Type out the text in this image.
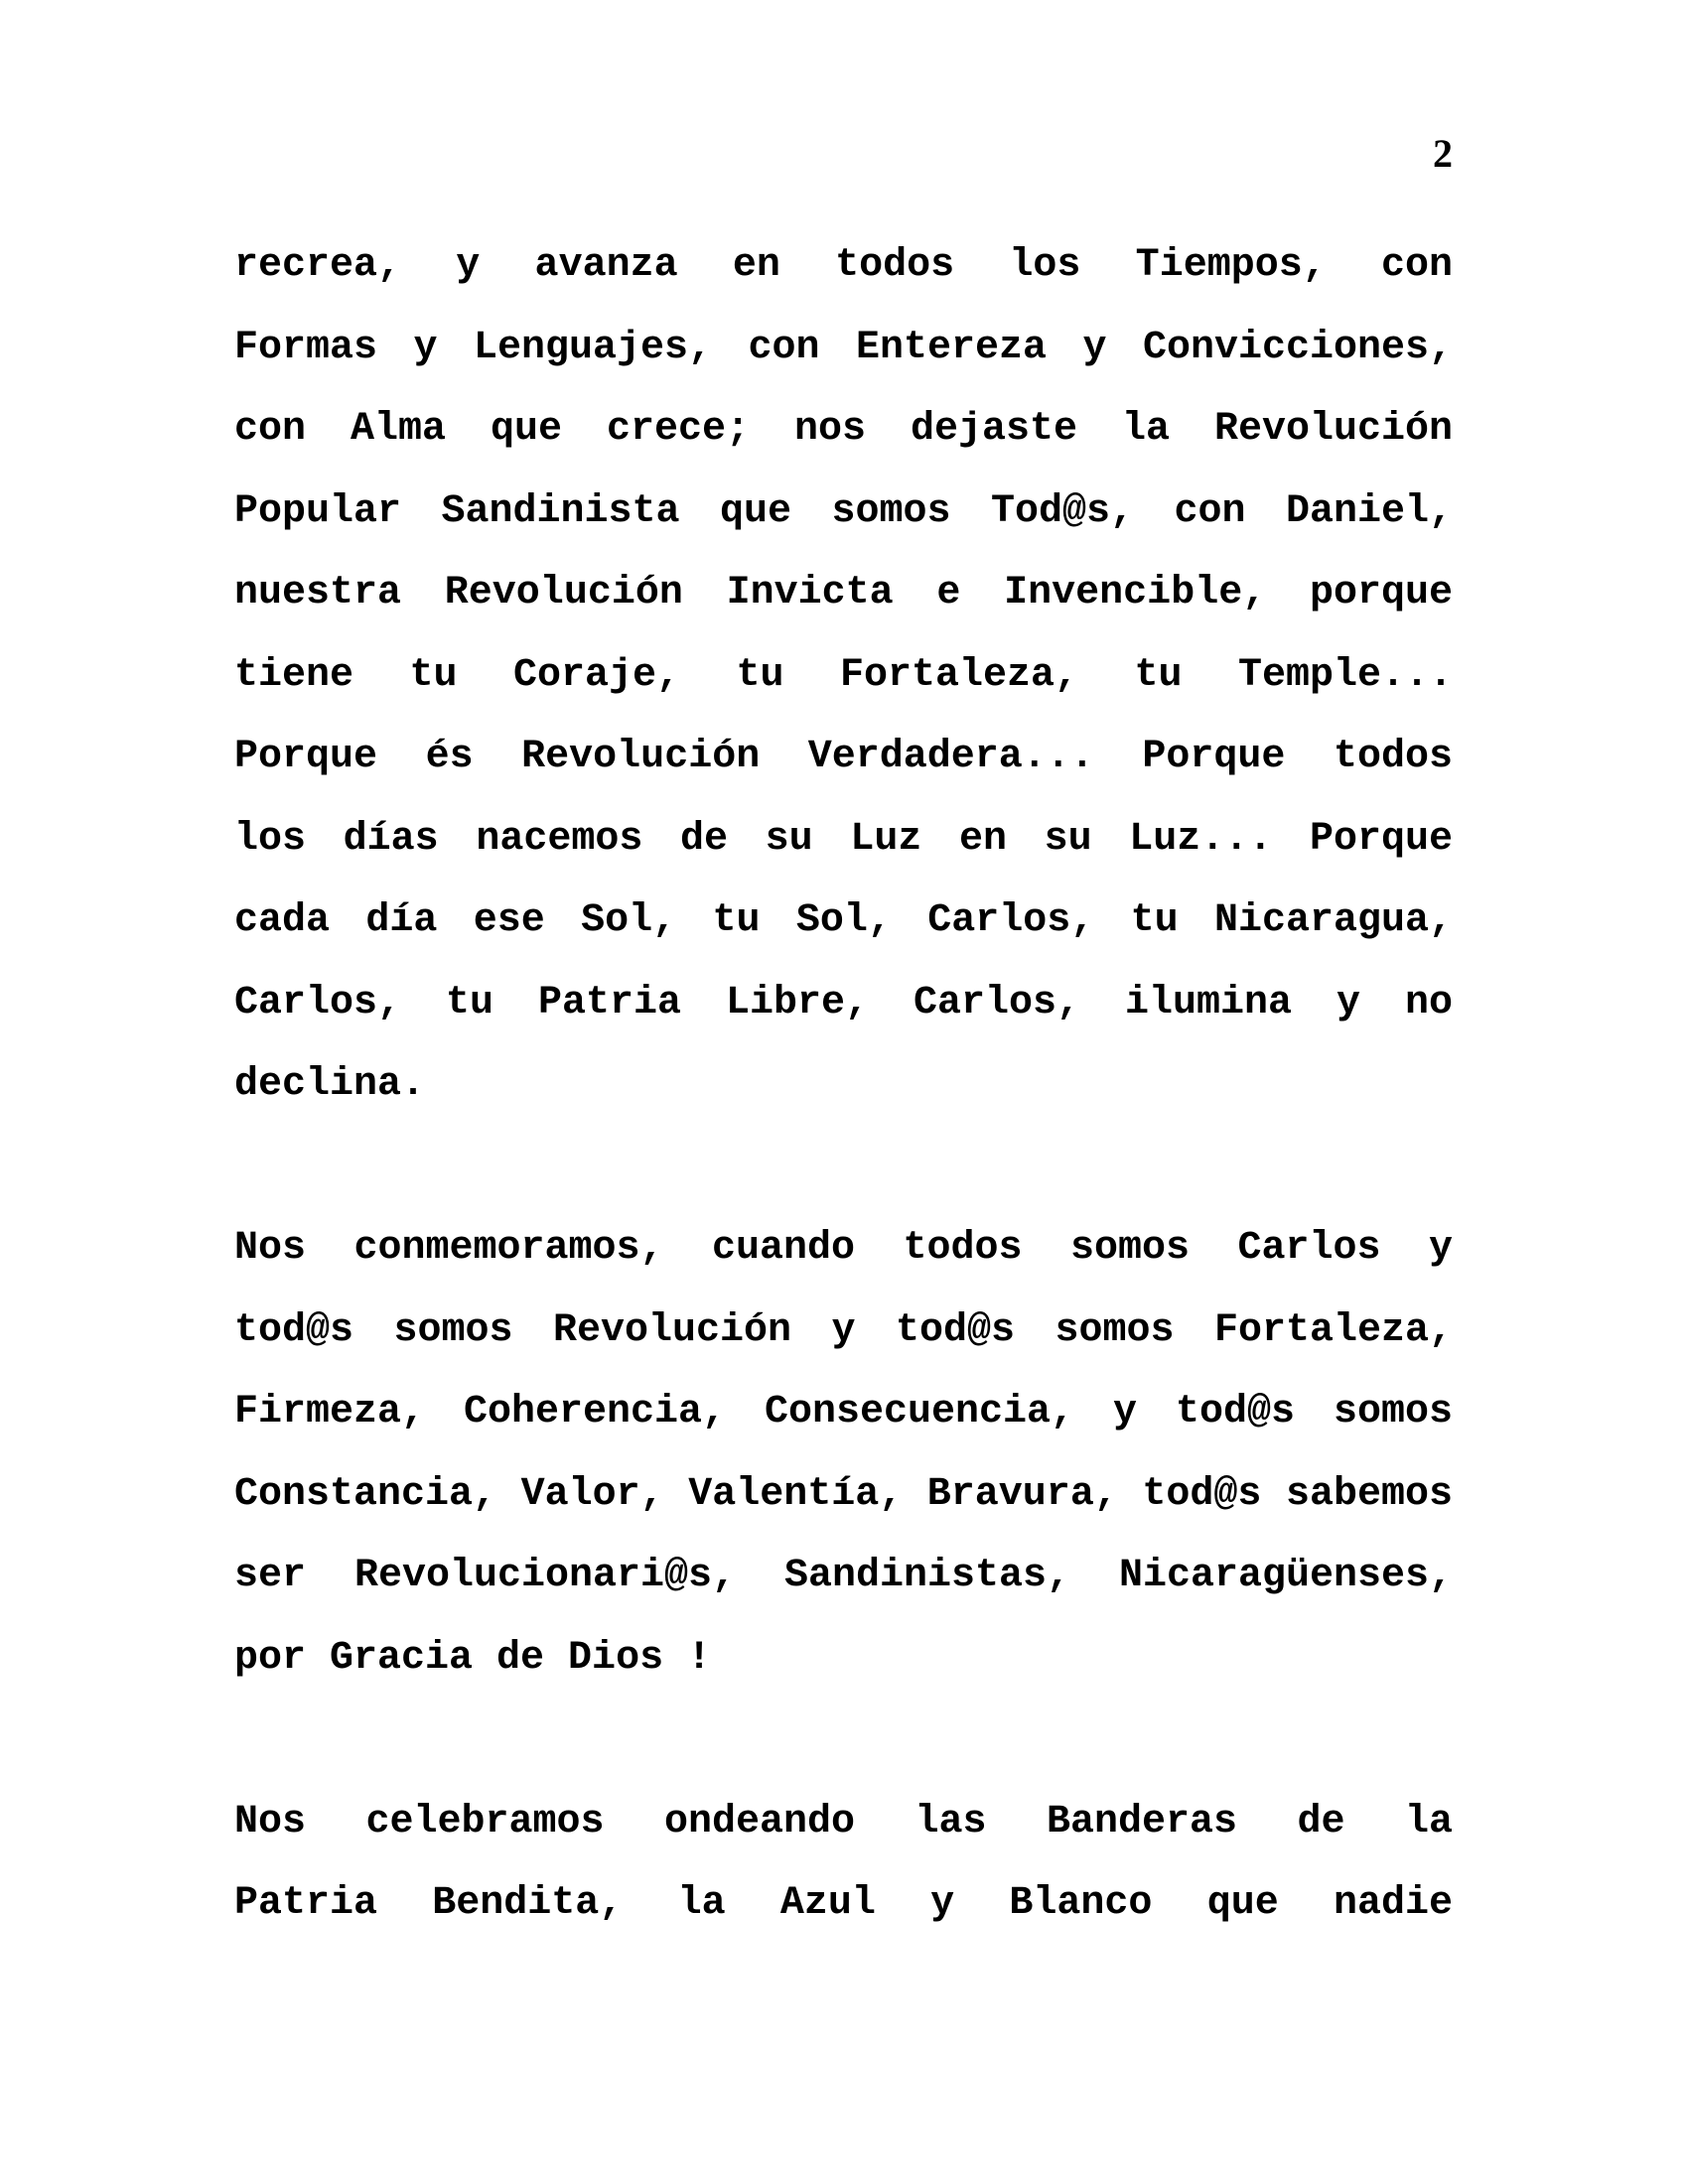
2
recrea, y avanza en todos los Tiempos, con
Formas y Lenguajes, con Entereza y Convicciones,
con Alma que crece; nos dejaste la Revolución
Popular Sandinista que somos Tod@s, con Daniel,
nuestra Revolución Invicta e Invencible, porque
tiene tu Coraje, tu Fortaleza, tu Temple...
Porque és Revolución Verdadera... Porque todos
los días nacemos de su Luz en su Luz... Porque
cada día ese Sol, tu Sol, Carlos, tu Nicaragua,
Carlos, tu Patria Libre, Carlos, ilumina y no
declina.
Nos conmemoramos, cuando todos somos Carlos y
tod@s somos Revolución y tod@s somos Fortaleza,
Firmeza, Coherencia, Consecuencia, y tod@s somos
Constancia, Valor, Valentía, Bravura, tod@s sabemos
ser Revolucionari@s, Sandinistas, Nicaragüenses,
por Gracia de Dios !
Nos celebramos ondeando las Banderas de la
Patria Bendita, la Azul y Blanco que nadie
